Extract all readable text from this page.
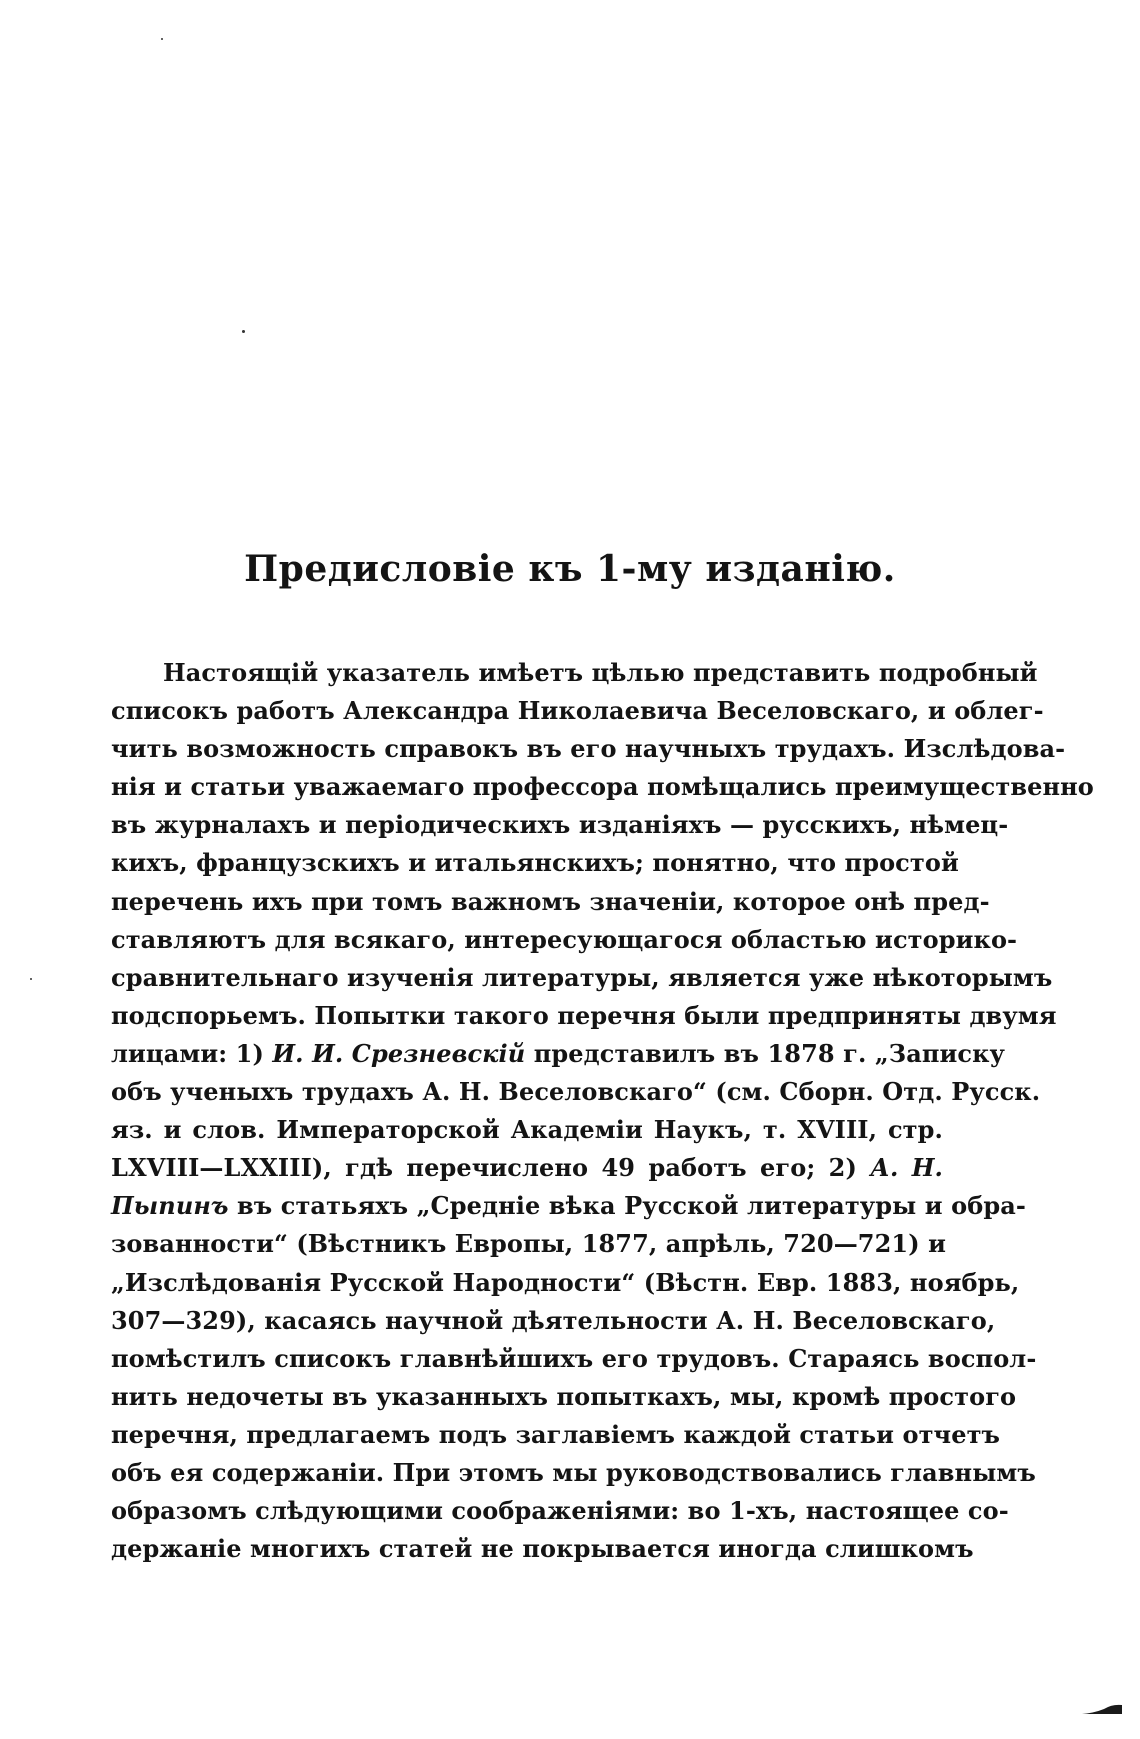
Предисловіе къ 1-му изданію.
Настоящій указатель имѣетъ цѣлью представить подробный
списокъ работъ Александра Николаевича Веселовскаго, и облег-
чить возможность справокъ въ его научныхъ трудахъ. Изслѣдова-
нія и статьи уважаемаго профессора помѣщались преимущественно
въ журналахъ и періодическихъ изданіяхъ — русскихъ, нѣмец-
кихъ, французскихъ и итальянскихъ; понятно, что простой
перечень ихъ при томъ важномъ значеніи, которое онѣ пред-
ставляютъ для всякаго, интересующагося областью историко-
сравнительнаго изученія литературы, является уже нѣкоторымъ
подспорьемъ. Попытки такого перечня были предприняты двумя
лицами: 1) И. И. Срезневскій представилъ въ 1878 г. „Записку
объ ученыхъ трудахъ А. Н. Веселовскаго“ (см. Сборн. Отд. Русск.
яз. и слов. Императорской Академіи Наукъ, т. XVIII, стр.
LXVIII—LXXIII), гдѣ перечислено 49 работъ его; 2) А. Н.
Пыпинъ въ статьяхъ „Средніе вѣка Русской литературы и обра-
зованности“ (Вѣстникъ Европы, 1877, апрѣль, 720—721) и
„Изслѣдованія Русской Народности“ (Вѣстн. Евр. 1883, ноябрь,
307—329), касаясь научной дѣятельности А. Н. Веселовскаго,
помѣстилъ списокъ главнѣйшихъ его трудовъ. Стараясь воспол-
нить недочеты въ указанныхъ попыткахъ, мы, кромѣ простого
перечня, предлагаемъ подъ заглавіемъ каждой статьи отчетъ
объ ея содержаніи. При этомъ мы руководствовались главнымъ
образомъ слѣдующими соображеніями: во 1-хъ, настоящее со-
держаніе многихъ статей не покрывается иногда слишкомъ
